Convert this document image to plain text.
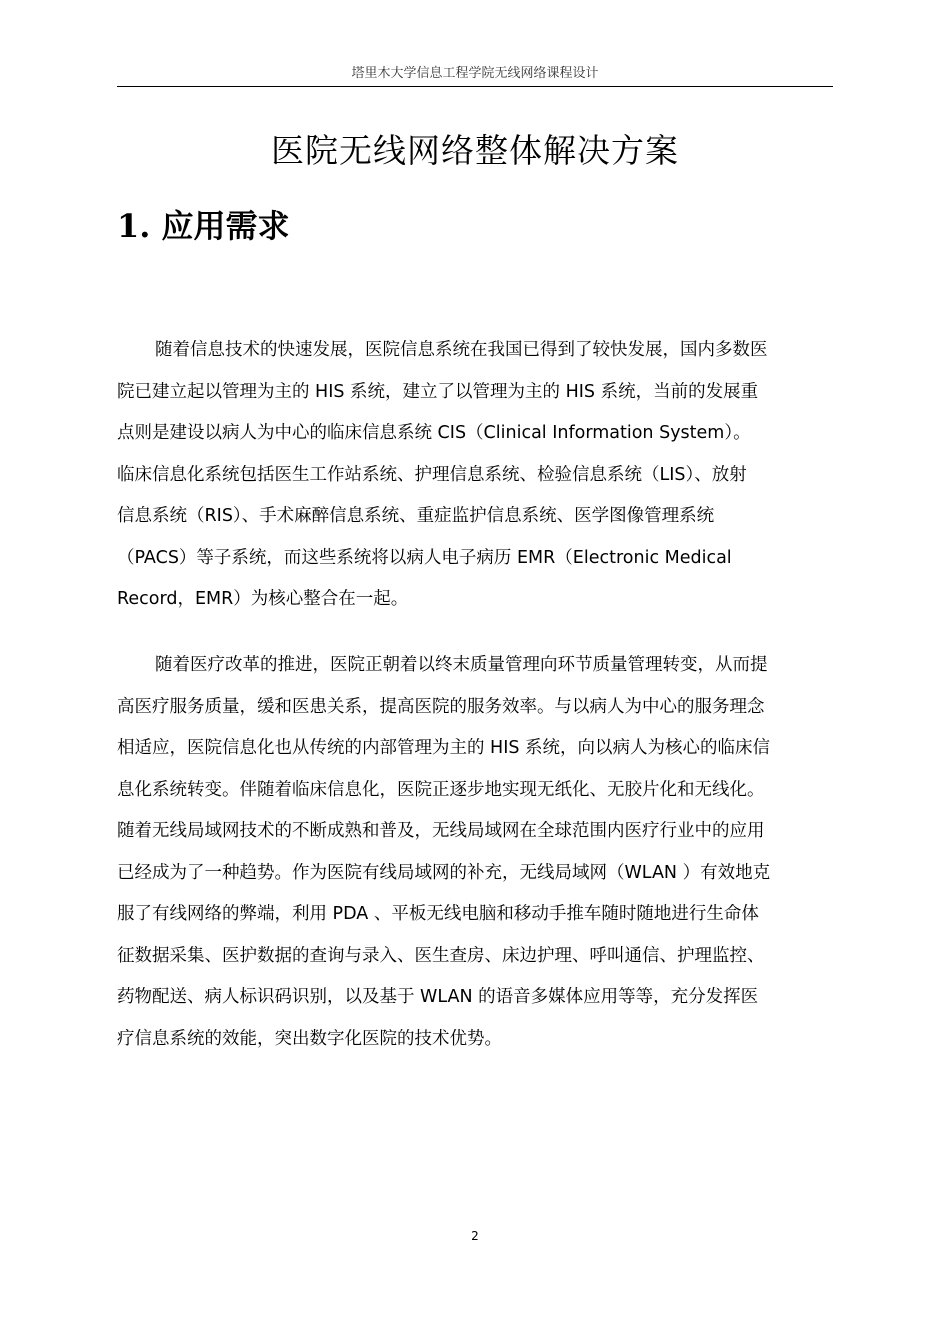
塔里木大学信息工程学院无线网络课程设计
医院无线网络整体解决方案
1. 应用需求
随着信息技术的快速发展，医院信息系统在我国已得到了较快发展，国内多数医
院已建立起以管理为主的 HIS 系统，建立了以管理为主的 HIS 系统，当前的发展重
点则是建设以病人为中心的临床信息系统 CIS（Clinical Information System）。
临床信息化系统包括医生工作站系统、护理信息系统、检验信息系统（LIS）、放射
信息系统（RIS）、手术麻醉信息系统、重症监护信息系统、医学图像管理系统
（PACS）等子系统，而这些系统将以病人电子病历 EMR（Electronic Medical
Record，EMR）为核心整合在一起。
随着医疗改革的推进，医院正朝着以终末质量管理向环节质量管理转变，从而提
高医疗服务质量，缓和医患关系，提高医院的服务效率。与以病人为中心的服务理念
相适应，医院信息化也从传统的内部管理为主的 HIS 系统，向以病人为核心的临床信
息化系统转变。伴随着临床信息化，医院正逐步地实现无纸化、无胶片化和无线化。
随着无线局域网技术的不断成熟和普及，无线局域网在全球范围内医疗行业中的应用
已经成为了一种趋势。作为医院有线局域网的补充，无线局域网（WLAN ）有效地克
服了有线网络的弊端，利用 PDA 、平板无线电脑和移动手推车随时随地进行生命体
征数据采集、医护数据的查询与录入、医生查房、床边护理、呼叫通信、护理监控、
药物配送、病人标识码识别，以及基于 WLAN 的语音多媒体应用等等，充分发挥医
疗信息系统的效能，突出数字化医院的技术优势。
2
